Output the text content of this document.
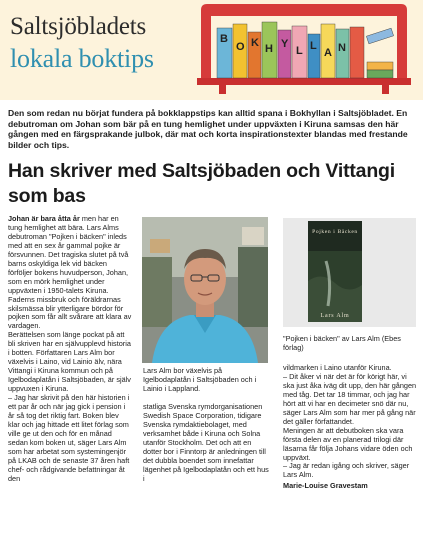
Saltsjöbladets
lokala boktips
B O K H Y L L A N
Den som redan nu börjat fundera på bokklappstips kan alltid spana i Bokhyllan i Saltsjöbladet. En debutroman om Johan som bär på en tung hemlighet under uppväxten i Kiruna samsas den här gången med en färgsprakande julbok, där mat och korta inspirationstexter blandas med frestande bilder och tips.
Han skriver med Saltsjöbaden och Vittangi som bas

Johan är bara åtta år men har en tung hemlighet att bära. Lars Alms debutroman "Pojken i bäcken" inleds med att en sex år gammal pojke är försvunnen. Det tragiska slutet på två barns oskyldiga lek vid bäcken förföljer bokens huvudperson, Johan, som en mörk hemlighet under uppväxten i 1950-talets Kiruna. Faderns missbruk och föräldrarnas skilsmässa blir ytterligare bördor för pojken som får allt svårare att klara av vardagen.

Berättelsen som länge pockat på att bli skriven har en självupplevd historia i botten. Författaren Lars Alm bor växelvis i Laino, vid Lainio älv, nära Vittangi i Kiruna kommun och på Igelbodaplatån i Saltsjöbaden, är själv uppvuxen i Kiruna.

– Jag har skrivit på den här historien i ett par år och när jag gick i pension i år så tog det riktig fart. Boken blev klar och jag hittade ett litet förlag som ville ge ut den och för en månad sedan kom boken ut, säger Lars Alm som har arbetat som systemingenjör på LKAB och de senaste 37 åren haft chef- och rådgivande befattningar åt den

Lars Alm bor växelvis på Igelbodaplatån i Saltsjöbaden och i Lainio i Lappland.

statliga Svenska rymdorganisationen Swedish Space Corporation, tidigare Svenska rymdaktiebolaget, med verksamhet både i Kiruna och Solna utanför Stockholm. Det och att en dotter bor i Finntorp är anledningen till det dubbla boendet som innefattar lägenhet på Igelbodaplatån och ett hus i

Pojken i Bäcken
Lars Alm
"Pojken i bäcken" av Lars Alm (Ebes förlag)

vildmarken i Laino utanför Kiruna.

– Dit åker vi när det är för körigt här, vi ska just åka iväg dit upp, den här gången med tåg. Det tar 18 timmar, och jag har hört att vi har en decimeter snö där nu, säger Lars Alm som har mer på gång när det gäller författandet.

Meningen är att debutboken ska vara första delen av en planerad trilogi där läsarna får följa Johans vidare öden och uppväxt.

– Jag är redan igång och skriver, säger Lars Alm.

Marie-Louise Gravestam
